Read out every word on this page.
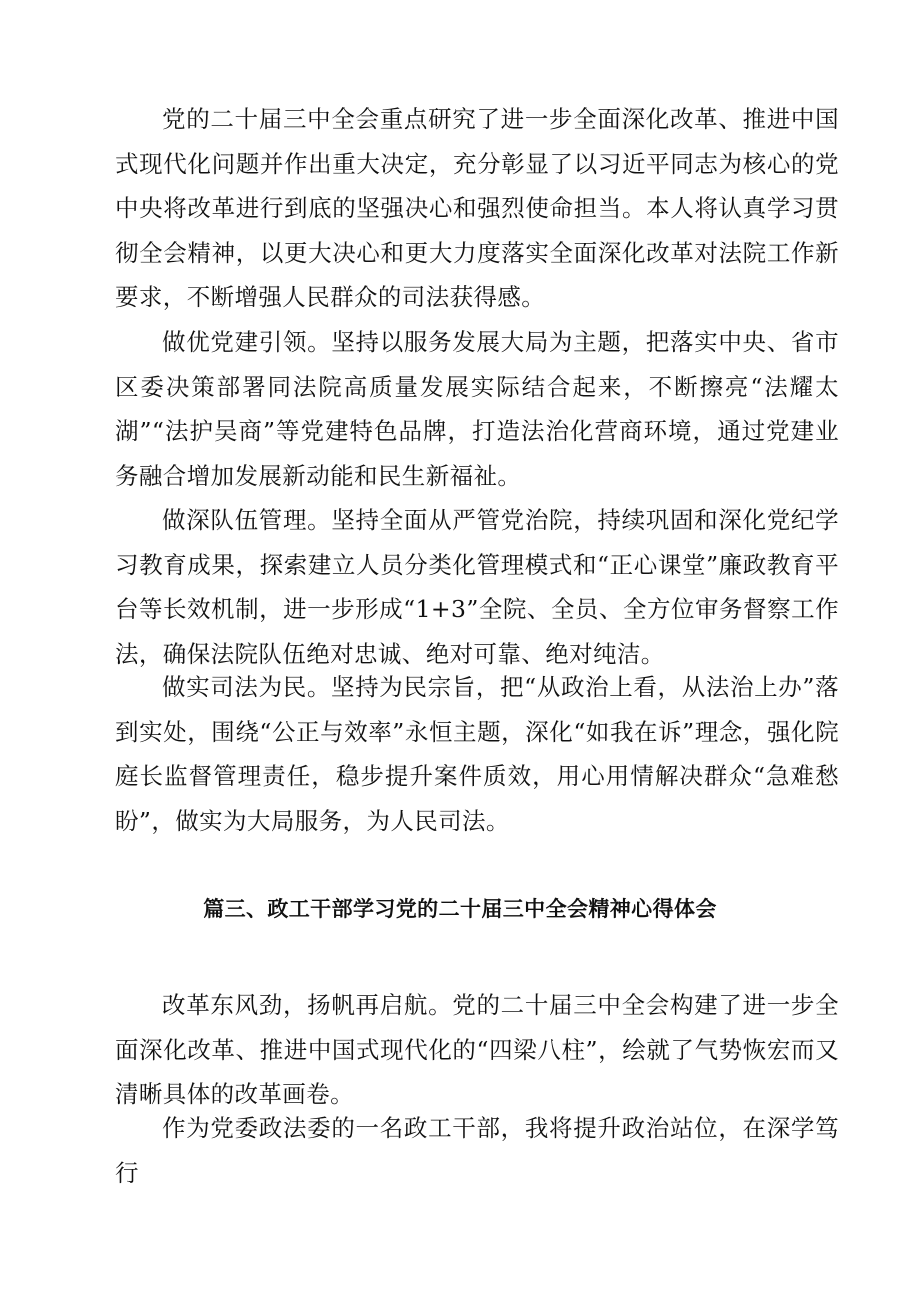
党的二十届三中全会重点研究了进一步全面深化改革、推进中国式现代化问题并作出重大决定，充分彰显了以习近平同志为核心的党中央将改革进行到底的坚强决心和强烈使命担当。本人将认真学习贯彻全会精神，以更大决心和更大力度落实全面深化改革对法院工作新要求，不断增强人民群众的司法获得感。

做优党建引领。坚持以服务发展大局为主题，把落实中央、省市区委决策部署同法院高质量发展实际结合起来，不断擦亮“法耀太湖”“法护吴商”等党建特色品牌，打造法治化营商环境，通过党建业务融合增加发展新动能和民生新福祉。

做深队伍管理。坚持全面从严管党治院，持续巩固和深化党纪学习教育成果，探索建立人员分类化管理模式和“正心课堂”廉政教育平台等长效机制，进一步形成“1+3”全院、全员、全方位审务督察工作法，确保法院队伍绝对忠诚、绝对可靠、绝对纯洁。

做实司法为民。坚持为民宗旨，把“从政治上看，从法治上办”落到实处，围绕“公正与效率”永恒主题，深化“如我在诉”理念，强化院庭长监督管理责任，稳步提升案件质效，用心用情解决群众“急难愁盼”，做实为大局服务，为人民司法。

篇三、政工干部学习党的二十届三中全会精神心得体会

改革东风劲，扬帆再启航。党的二十届三中全会构建了进一步全面深化改革、推进中国式现代化的“四梁八柱”，绘就了气势恢宏而又清晰具体的改革画卷。

作为党委政法委的一名政工干部，我将提升政治站位，在深学笃行
